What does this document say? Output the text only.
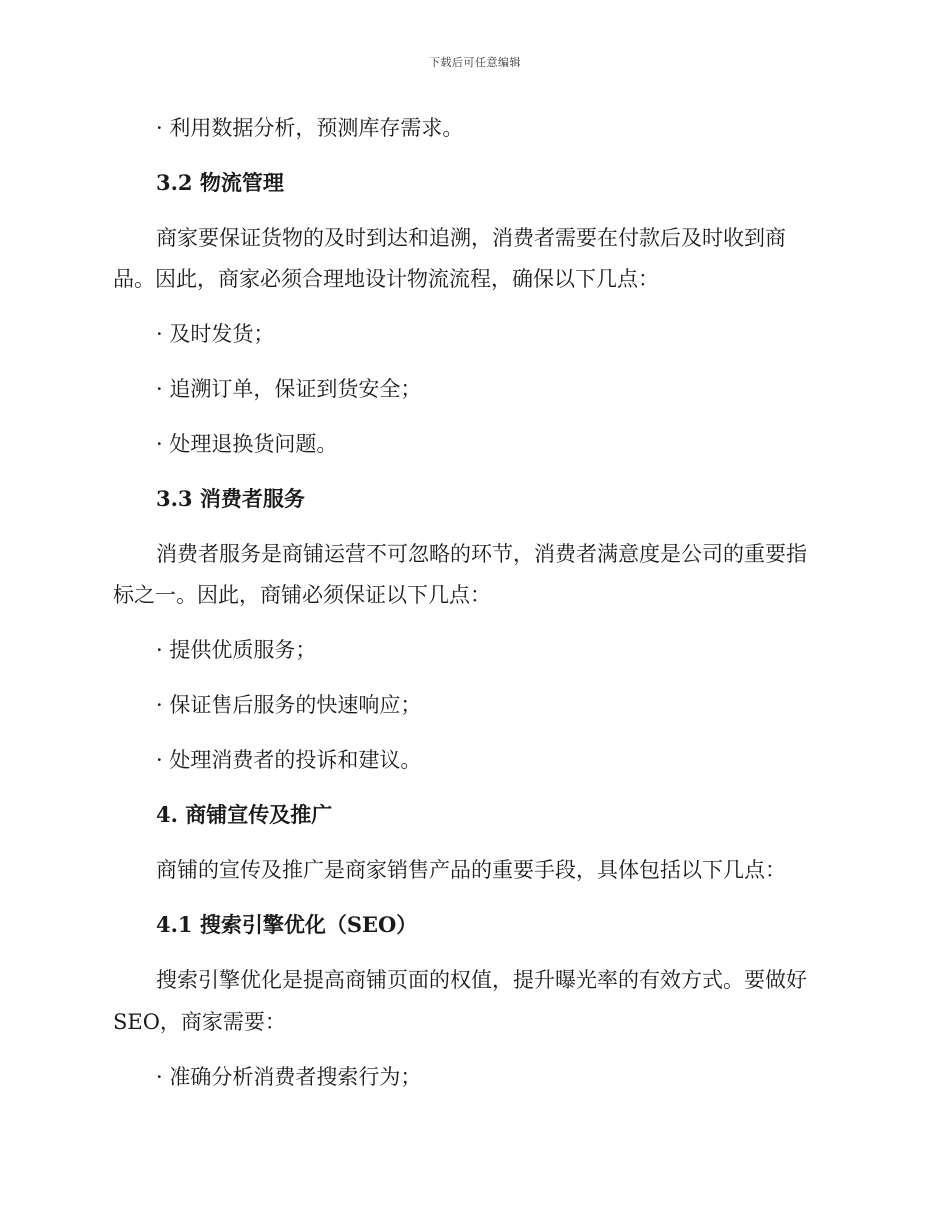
下载后可任意编辑
· 利用数据分析，预测库存需求。
3.2 物流管理
商家要保证货物的及时到达和追溯，消费者需要在付款后及时收到商
品。因此，商家必须合理地设计物流流程，确保以下几点：
· 及时发货；
· 追溯订单，保证到货安全；
· 处理退换货问题。
3.3 消费者服务
消费者服务是商铺运营不可忽略的环节，消费者满意度是公司的重要指
标之一。因此，商铺必须保证以下几点：
· 提供优质服务；
· 保证售后服务的快速响应；
· 处理消费者的投诉和建议。
4. 商铺宣传及推广
商铺的宣传及推广是商家销售产品的重要手段，具体包括以下几点：
4.1 搜索引擎优化（SEO）
搜索引擎优化是提高商铺页面的权值，提升曝光率的有效方式。要做好
SEO，商家需要：
· 准确分析消费者搜索行为；
